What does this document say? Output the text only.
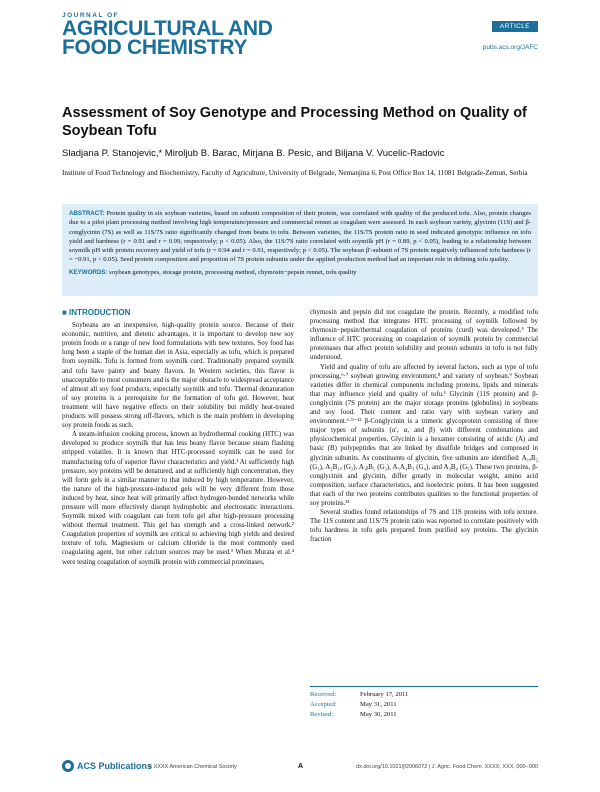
JOURNAL OF
AGRICULTURAL AND
FOOD CHEMISTRY
ARTICLE
pubs.acs.org/JAFC
Assessment of Soy Genotype and Processing Method on Quality of Soybean Tofu
Sladjana P. Stanojevic,* Miroljub B. Barac, Mirjana B. Pesic, and Biljana V. Vucelic-Radovic
Institute of Food Technology and Biochemistry, Faculty of Agriculture, University of Belgrade, Nemanjina 6, Post Office Box 14, 11081 Belgrade-Zemun, Serbia
ABSTRACT: Protein quality in six soybean varieties, based on subunit composition of their protein, was correlated with quality of the produced tofu. Also, protein changes due to a pilot plant processing method involving high temperature/pressure and commercial rennet as coagulant were assessed. In each soybean variety, glycinin (11S) and β-conglycinin (7S) as well as 11S/7S ratio significantly changed from beans to tofu. Between varieties, the 11S/7S protein ratio in seed indicated genotypic influence on tofu yield and hardness (r = 0.91 and r = 0.99, respectively; p < 0.05). Also, the 11S/7S ratio correlated with soymilk pH (r = 0.89, p < 0.05), leading to a relationship between soymilk pH with protein recovery and yield of tofu (r = 0.94 and r = 0.91, respectively; p < 0.05). The soybean β′-subunit of 7S protein negatively influenced tofu hardness (r = −0.91, p < 0.05). Seed protein composition and proportion of 7S protein subunits under the applied production method had an important role in defining tofu quality.
KEYWORDS: soybean genotypes, storage protein, processing method, chymosin−pepsin rennet, tofu quality
■ INTRODUCTION

Soybeans are an inexpensive, high-quality protein source. Because of their economic, nutritive, and dietetic advantages, it is important to develop new soy protein foods or a range of new food formulations with new textures. Soy food has long been a staple of the human diet in Asia, especially as tofu, which is prepared from soymilk. Tofu is formed from soymilk curd. Traditionally prepared soymilk and tofu have painty and beany flavors. In Western societies, this flavor is unacceptable to most consumers and is the major obstacle to widespread acceptance of almost all soy food products, especially soymilk and tofu. Thermal denaturation of soy proteins is a prerequisite for the formation of tofu gel. However, heat treatment will have negative effects on their solubility but mildly heat-treated products will possess strong off-flavors, which is the main problem in developing soy protein foods as such.

A steam-infusion cooking process, known as hydrothermal cooking (HTC) was developed to produce soymilk that has less beany flavor because steam flashing stripped volatiles. It is known that HTC-processed soymilk can be used for manufacturing tofu of superior flavor characteristics and yield.¹ At sufficiently high pressure, soy proteins will be denatured, and at sufficiently high concentration, they will form gels in a similar manner to that induced by high temperature. However, the nature of the high-pressure-induced gels will be very different from those induced by heat, since heat will primarily affect hydrogen-bonded networks while pressure will more effectively disrupt hydrophobic and electrostatic interactions. Soymilk mixed with coagulant can form tofu gel after high-pressure processing without thermal treatment. This gel has strength and a cross-linked network.² Coagulation properties of soymilk are critical to achieving high yields and desired texture of tofu. Magnesium or calcium chloride is the most commonly used coagulating agent, but other calcium sources may be used.³ When Murata et al.⁴ were testing coagulation of soymilk protein with commercial proteinases,

chymosin and pepsin did not coagulate the protein. Recently, a modified tofu processing method that integrates HTC processing of soymilk followed by chymosin−pepsin/thermal coagulation of proteins (curd) was developed.⁵ The influence of HTC processing on coagulation of soymilk protein by commercial proteinases that affect protein solubility and protein subunits in tofu is not fully understood.

Yield and quality of tofu are affected by several factors, such as type of tofu processing,⁶·⁷ soybean growing environment,⁸ and variety of soybean.⁹ Soybean varieties differ in chemical components including proteins, lipids and minerals that may influence yield and quality of tofu.¹ Glycinin (11S protein) and β-conglycinin (7S protein) are the major storage proteins (globulins) in soybeans and soy food. Their content and ratio vary with soybean variety and environment.⁶·⁹⁻¹² β-Conglycinin is a trimeric glycoprotein consisting of three major types of subunits (α′, α, and β) with different combinations and physicochemical properties. Glycinin is a hexamer consisting of acidic (A) and basic (B) polypeptides that are linked by disulfide bridges and composed in glycinin subunits. As constituents of glycinin, five subunits are identified: A₁ₐB₂ (G₁), A₂B₁ₐ (G₂), A₁ᵦB₁ (G₃), A₅A₄B₃ (G₄), and A₃B₄ (G₅). These two proteins, β-conglycinin and glycinin, differ greatly in molecular weight, amino acid composition, surface characteristics, and isoelectric points. It has been suggested that each of the two proteins contributes qualities to the functional properties of soy proteins.¹³

Several studies found relationships of 7S and 11S proteins with tofu texture. The 11S content and 11S/7S protein ratio was reported to correlate positively with tofu hardness in tofu gels prepared from purified soy proteins. The glycinin fraction

Received:	February 17, 2011
Accepted:	May 31, 2011
Revised:	May 30, 2011
ACS Publications
© XXXX American Chemical Society	A	dx.doi.org/10.1021/jf2006072 | J. Agric. Food Chem. XXXX, XXX, 000−000
